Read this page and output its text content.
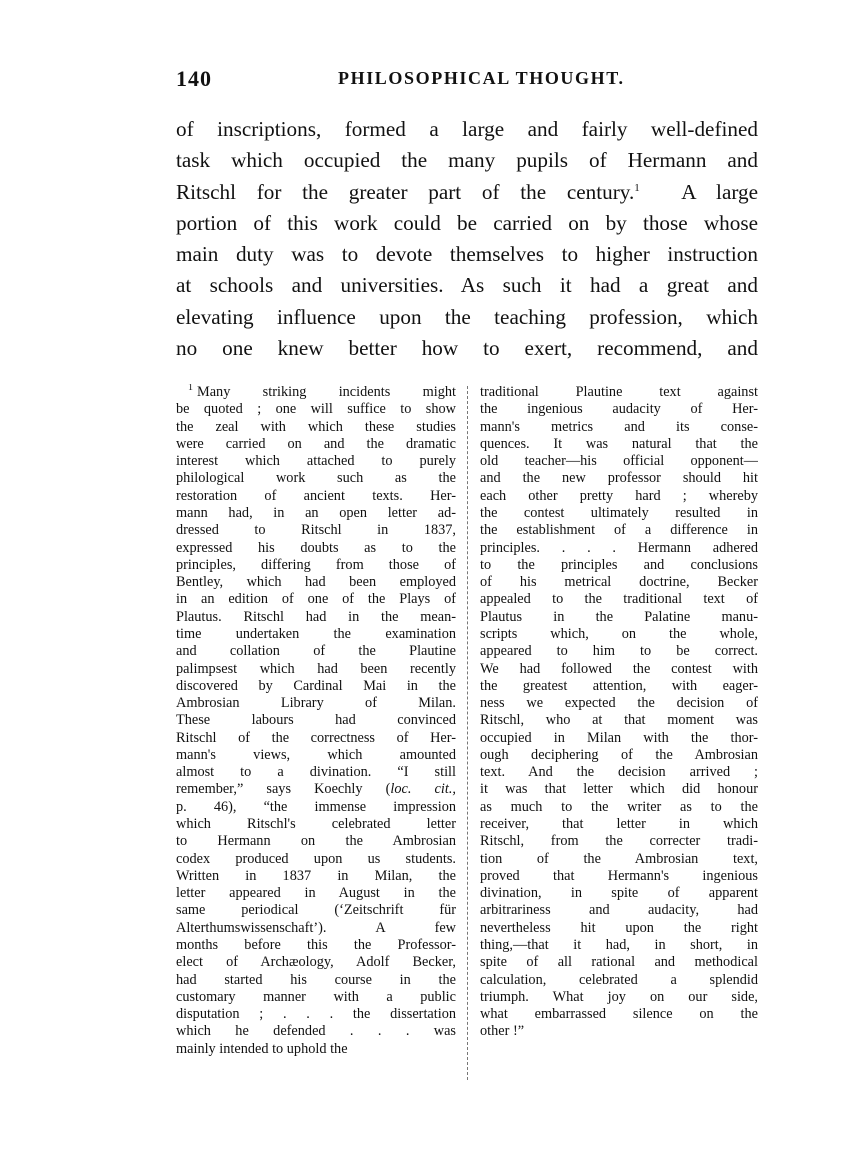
140	PHILOSOPHICAL THOUGHT.
of inscriptions, formed a large and fairly well-defined
task which occupied the many pupils of Hermann and
Ritschl for the greater part of the century.$^1$ A large
portion of this work could be carried on by those whose
main duty was to devote themselves to higher instruction
at schools and universities. As such it had a great and
elevating influence upon the teaching profession, which
no one knew better how to exert, recommend, and
$^1$ Many striking incidents might
be quoted ; one will suffice to show
the zeal with which these studies
were carried on and the dramatic
interest which attached to purely
philological work such as the
restoration of ancient texts. Her-
mann had, in an open letter ad-
dressed to Ritschl in 1837,
expressed his doubts as to the
principles, differing from those of
Bentley, which had been employed
in an edition of one of the Plays of
Plautus. Ritschl had in the mean-
time undertaken the examination
and collation of the Plautine
palimpsest which had been recently
discovered by Cardinal Mai in the
Ambrosian Library of Milan.
These labours had convinced
Ritschl of the correctness of Her-
mann's views, which amounted
almost to a divination. “I still
remember,” says Koechly (loc. cit.,
p. 46), “the immense impression
which Ritschl's celebrated letter
to Hermann on the Ambrosian
codex produced upon us students.
Written in 1837 in Milan, the
letter appeared in August in the
same periodical (‘Zeitschrift für
Alterthumswissenschaft’). A few
months before this the Professor-
elect of Archæology, Adolf Becker,
had started his course in the
customary manner with a public
disputation ; . . . the dissertation
which he defended . . . was
mainly intended to uphold the
traditional Plautine text against
the ingenious audacity of Her-
mann's metrics and its conse-
quences. It was natural that the
old teacher—his official opponent—
and the new professor should hit
each other pretty hard ; whereby
the contest ultimately resulted in
the establishment of a difference in
principles. . . . Hermann adhered
to the principles and conclusions
of his metrical doctrine, Becker
appealed to the traditional text of
Plautus in the Palatine manu-
scripts which, on the whole,
appeared to him to be correct.
We had followed the contest with
the greatest attention, with eager-
ness we expected the decision of
Ritschl, who at that moment was
occupied in Milan with the thor-
ough deciphering of the Ambrosian
text. And the decision arrived ;
it was that letter which did honour
as much to the writer as to the
receiver, that letter in which
Ritschl, from the correcter tradi-
tion of the Ambrosian text,
proved that Hermann's ingenious
divination, in spite of apparent
arbitrariness and audacity, had
nevertheless hit upon the right
thing,—that it had, in short, in
spite of all rational and methodical
calculation, celebrated a splendid
triumph. What joy on our side,
what embarrassed silence on the
other !”
